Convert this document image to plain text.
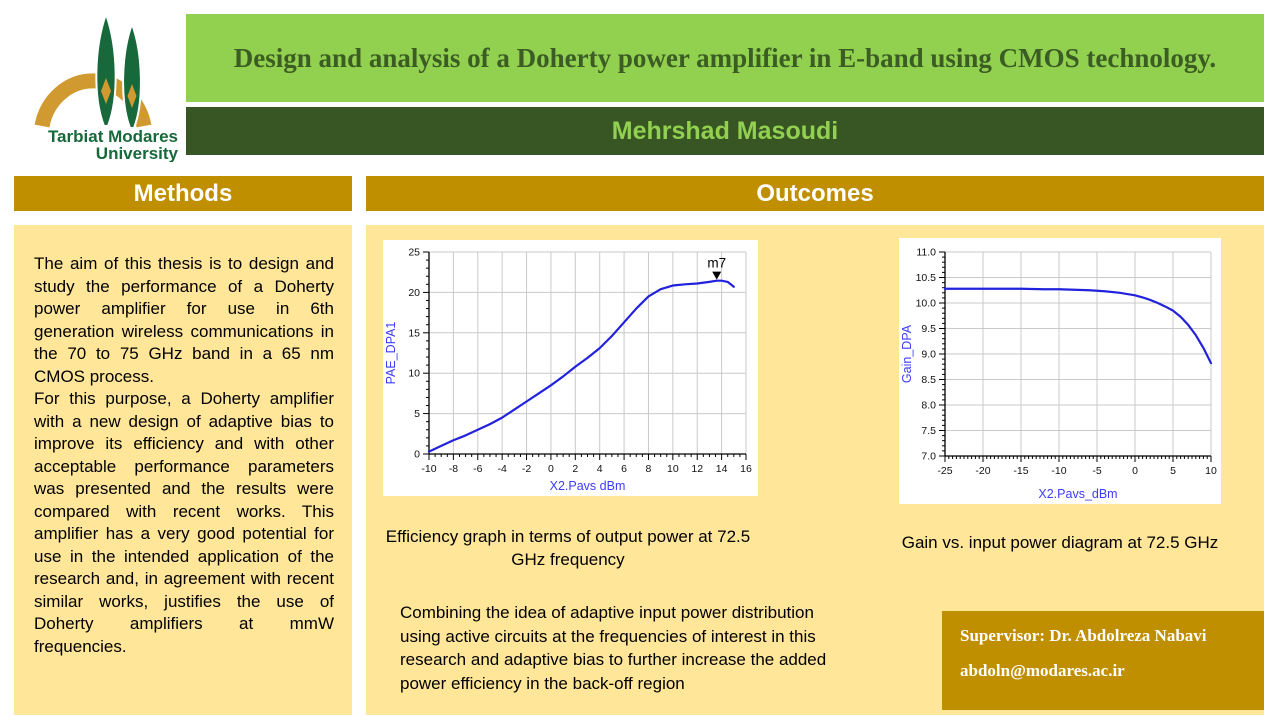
Tarbiat Modares
University
Design and analysis of a Doherty power amplifier in E-band using CMOS technology.
Mehrshad Masoudi
Methods	Outcomes

The aim of this thesis is to design and study the performance of a Doherty power amplifier for use in 6th generation wireless communications in the 70 to 75 GHz band in a 65 nm CMOS process.

For this purpose, a Doherty amplifier with a new design of adaptive bias to improve its efficiency and with other acceptable performance parameters was presented and the results were compared with recent works. This amplifier has a very good potential for use in the intended application of the research and, in agreement with recent similar works, justifies the use of Doherty amplifiers at mmW frequencies.

-10 -8 -6 -4 -2 0 2 4 6 8 10 12 14 16
0
5
10
15
20
25
X2.Pavs dBm
PAE_DPA1
m7
-25 -20 -15 -10 -5	0	5	10
7.0
7.5
8.0
8.5
9.0
9.5
10.0
10.5
11.0
X2.Pavs_dBm
Gain_DPA
Efficiency graph in terms of output power at 72.5 GHz frequency
Gain vs. input power diagram at 72.5 GHz
Combining the idea of adaptive input power distribution using active circuits at the frequencies of interest in this research and adaptive bias to further increase the added power efficiency in the back-off region
Supervisor: Dr. Abdolreza Nabavi
abdoln@modares.ac.ir
